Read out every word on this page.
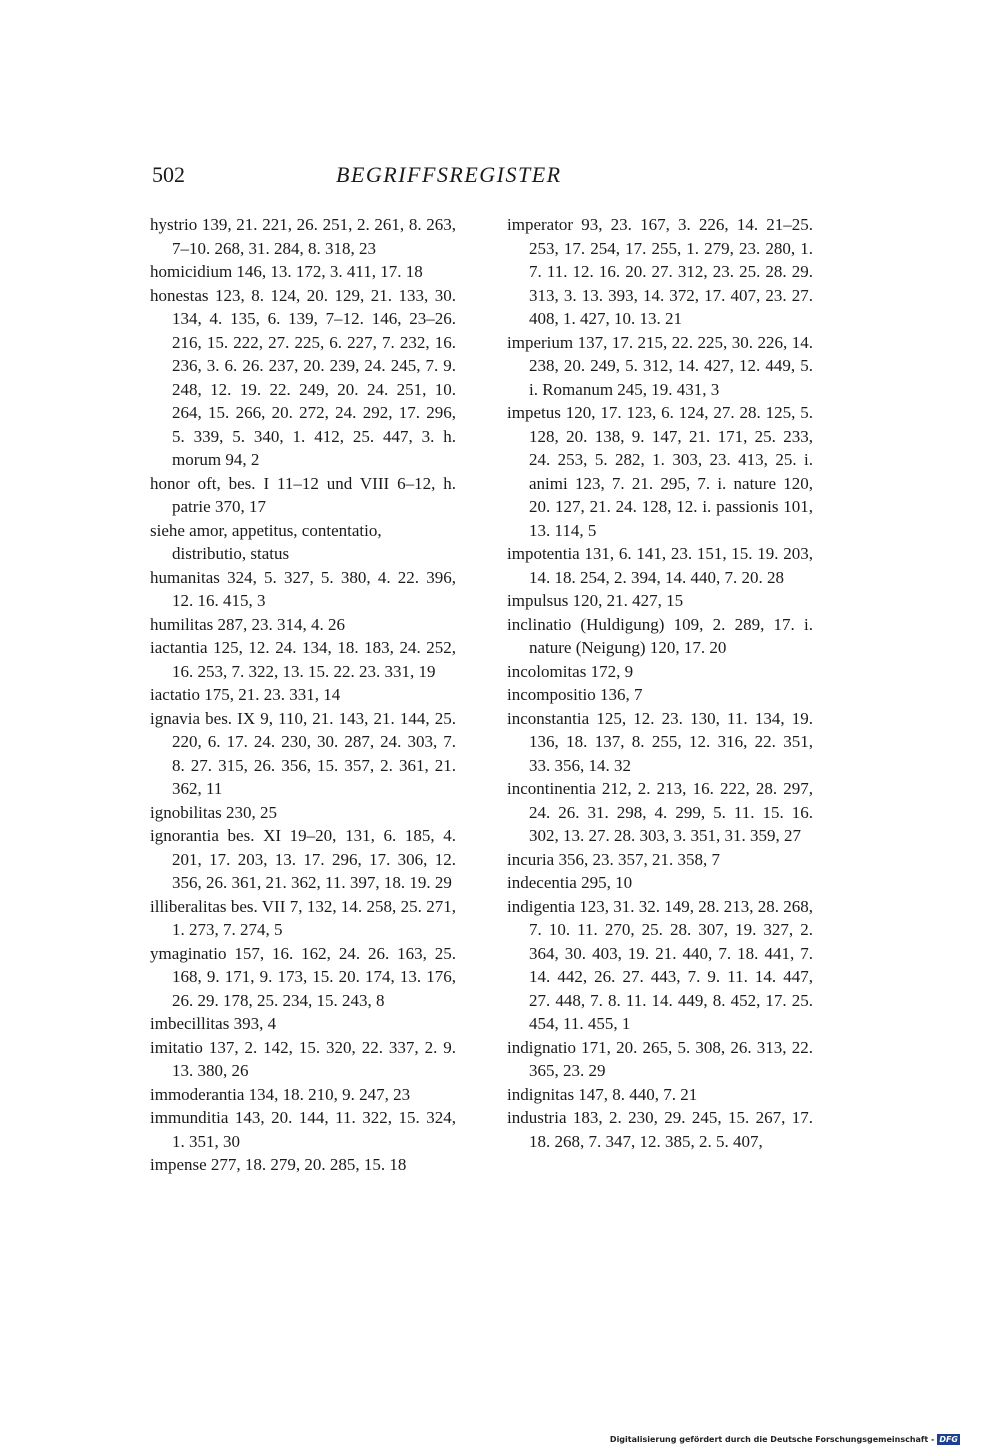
502	BEGRIFFSREGISTER
hystrio 139, 21. 221, 26. 251, 2. 261, 8. 263, 7–10. 268, 31. 284, 8. 318, 23
homicidium 146, 13. 172, 3. 411, 17. 18
honestas 123, 8. 124, 20. 129, 21. 133, 30. 134, 4. 135, 6. 139, 7–12. 146, 23–26. 216, 15. 222, 27. 225, 6. 227, 7. 232, 16. 236, 3. 6. 26. 237, 20. 239, 24. 245, 7. 9. 248, 12. 19. 22. 249, 20. 24. 251, 10. 264, 15. 266, 20. 272, 24. 292, 17. 296, 5. 339, 5. 340, 1. 412, 25. 447, 3. h. morum 94, 2
honor oft, bes. I 11–12 und VIII 6–12, h. patrie 370, 17
siehe amor, appetitus, contentatio, distributio, status
humanitas 324, 5. 327, 5. 380, 4. 22. 396, 12. 16. 415, 3
humilitas 287, 23. 314, 4. 26
iactantia 125, 12. 24. 134, 18. 183, 24. 252, 16. 253, 7. 322, 13. 15. 22. 23. 331, 19
iactatio 175, 21. 23. 331, 14
ignavia bes. IX 9, 110, 21. 143, 21. 144, 25. 220, 6. 17. 24. 230, 30. 287, 24. 303, 7. 8. 27. 315, 26. 356, 15. 357, 2. 361, 21. 362, 11
ignobilitas 230, 25
ignorantia bes. XI 19–20, 131, 6. 185, 4. 201, 17. 203, 13. 17. 296, 17. 306, 12. 356, 26. 361, 21. 362, 11. 397, 18. 19. 29
illiberalitas bes. VII 7, 132, 14. 258, 25. 271, 1. 273, 7. 274, 5
ymaginatio 157, 16. 162, 24. 26. 163, 25. 168, 9. 171, 9. 173, 15. 20. 174, 13. 176, 26. 29. 178, 25. 234, 15. 243, 8
imbecillitas 393, 4
imitatio 137, 2. 142, 15. 320, 22. 337, 2. 9. 13. 380, 26
immoderantia 134, 18. 210, 9. 247, 23
immunditia 143, 20. 144, 11. 322, 15. 324, 1. 351, 30
impense 277, 18. 279, 20. 285, 15. 18
imperator 93, 23. 167, 3. 226, 14. 21–25. 253, 17. 254, 17. 255, 1. 279, 23. 280, 1. 7. 11. 12. 16. 20. 27. 312, 23. 25. 28. 29. 313, 3. 13. 393, 14. 372, 17. 407, 23. 27. 408, 1. 427, 10. 13. 21
imperium 137, 17. 215, 22. 225, 30. 226, 14. 238, 20. 249, 5. 312, 14. 427, 12. 449, 5. i. Romanum 245, 19. 431, 3
impetus 120, 17. 123, 6. 124, 27. 28. 125, 5. 128, 20. 138, 9. 147, 21. 171, 25. 233, 24. 253, 5. 282, 1. 303, 23. 413, 25. i. animi 123, 7. 21. 295, 7. i. nature 120, 20. 127, 21. 24. 128, 12. i. passionis 101, 13. 114, 5
impotentia 131, 6. 141, 23. 151, 15. 19. 203, 14. 18. 254, 2. 394, 14. 440, 7. 20. 28
impulsus 120, 21. 427, 15
inclinatio (Huldigung) 109, 2. 289, 17. i. nature (Neigung) 120, 17. 20
incolomitas 172, 9
incompositio 136, 7
inconstantia 125, 12. 23. 130, 11. 134, 19. 136, 18. 137, 8. 255, 12. 316, 22. 351, 33. 356, 14. 32
incontinentia 212, 2. 213, 16. 222, 28. 297, 24. 26. 31. 298, 4. 299, 5. 11. 15. 16. 302, 13. 27. 28. 303, 3. 351, 31. 359, 27
incuria 356, 23. 357, 21. 358, 7
indecentia 295, 10
indigentia 123, 31. 32. 149, 28. 213, 28. 268, 7. 10. 11. 270, 25. 28. 307, 19. 327, 2. 364, 30. 403, 19. 21. 440, 7. 18. 441, 7. 14. 442, 26. 27. 443, 7. 9. 11. 14. 447, 27. 448, 7. 8. 11. 14. 449, 8. 452, 17. 25. 454, 11. 455, 1
indignatio 171, 20. 265, 5. 308, 26. 313, 22. 365, 23. 29
indignitas 147, 8. 440, 7. 21
industria 183, 2. 230, 29. 245, 15. 267, 17. 18. 268, 7. 347, 12. 385, 2. 5. 407,
Digitalisierung gefördert durch die Deutsche Forschungsgemeinschaft - DFG
